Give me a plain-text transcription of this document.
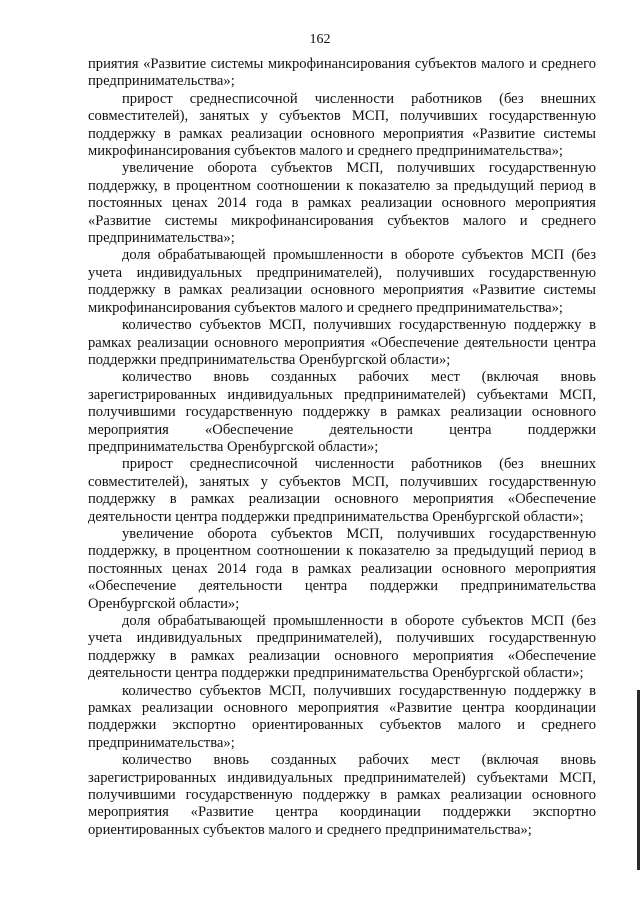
162

приятия «Развитие системы микрофинансирования субъектов малого и среднего предпринимательства»;

прирост среднесписочной численности работников (без внешних совместителей), занятых у субъектов МСП, получивших государственную поддержку в рамках реализации основного мероприятия «Развитие системы микрофинансирования субъектов малого и среднего предпринимательства»;

увеличение оборота субъектов МСП, получивших государственную поддержку, в процентном соотношении к показателю за предыдущий период в постоянных ценах 2014 года в рамках реализации основного мероприятия «Развитие системы микрофинансирования субъектов малого и среднего предпринимательства»;

доля обрабатывающей промышленности в обороте субъектов МСП (без учета индивидуальных предпринимателей), получивших государственную поддержку в рамках реализации основного мероприятия «Развитие системы микрофинансирования субъектов малого и среднего предпринимательства»;

количество субъектов МСП, получивших государственную поддержку в рамках реализации основного мероприятия «Обеспечение деятельности центра поддержки предпринимательства Оренбургской области»;

количество вновь созданных рабочих мест (включая вновь зарегистрированных индивидуальных предпринимателей) субъектами МСП, получившими государственную поддержку в рамках реализации основного мероприятия «Обеспечение деятельности центра поддержки предпринимательства Оренбургской области»;

прирост среднесписочной численности работников (без внешних совместителей), занятых у субъектов МСП, получивших государственную поддержку в рамках реализации основного мероприятия «Обеспечение деятельности центра поддержки предпринимательства Оренбургской области»;

увеличение оборота субъектов МСП, получивших государственную поддержку, в процентном соотношении к показателю за предыдущий период в постоянных ценах 2014 года в рамках реализации основного мероприятия «Обеспечение деятельности центра поддержки предпринимательства Оренбургской области»;

доля обрабатывающей промышленности в обороте субъектов МСП (без учета индивидуальных предпринимателей), получивших государственную поддержку в рамках реализации основного мероприятия «Обеспечение деятельности центра поддержки предпринимательства Оренбургской области»;

количество субъектов МСП, получивших государственную поддержку в рамках реализации основного мероприятия «Развитие центра координации поддержки экспортно ориентированных субъектов малого и среднего предпринимательства»;

количество вновь созданных рабочих мест (включая вновь зарегистрированных индивидуальных предпринимателей) субъектами МСП, получившими государственную поддержку в рамках реализации основного мероприятия «Развитие центра координации поддержки экспортно ориентированных субъектов малого и среднего предпринимательства»;
